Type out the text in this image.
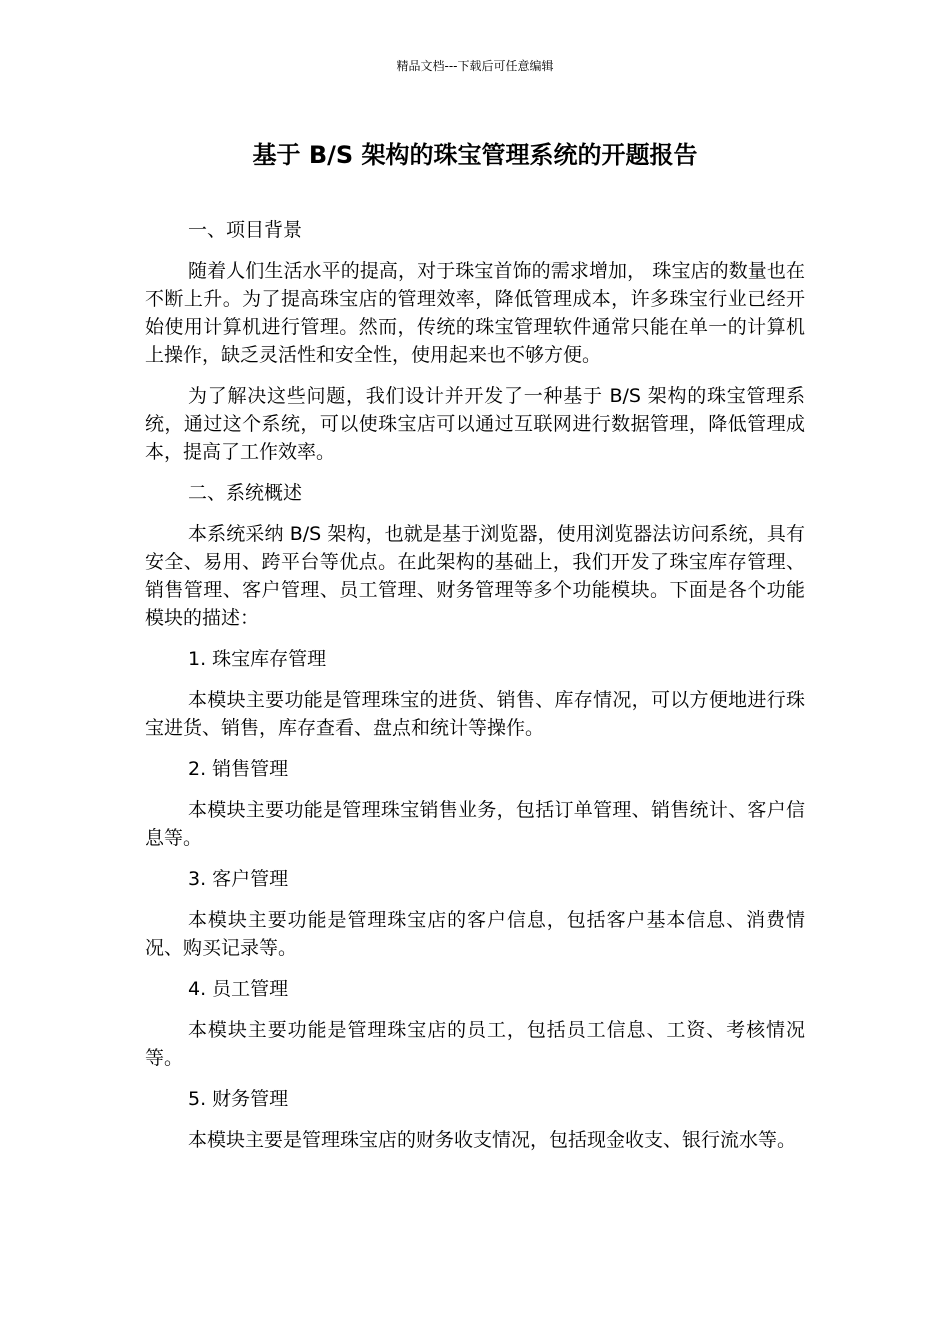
精品文档---下载后可任意编辑
基于 B/S 架构的珠宝管理系统的开题报告
一、项目背景

随着人们生活水平的提高，对于珠宝首饰的需求增加， 珠宝店的数量也在不断上升。为了提高珠宝店的管理效率，降低管理成本，许多珠宝行业已经开始使用计算机进行管理。然而，传统的珠宝管理软件通常只能在单一的计算机上操作，缺乏灵活性和安全性，使用起来也不够方便。

为了解决这些问题，我们设计并开发了一种基于 B/S 架构的珠宝管理系统，通过这个系统，可以使珠宝店可以通过互联网进行数据管理，降低管理成本，提高了工作效率。

二、系统概述

本系统采纳 B/S 架构，也就是基于浏览器，使用浏览器法访问系统，具有安全、易用、跨平台等优点。在此架构的基础上，我们开发了珠宝库存管理、销售管理、客户管理、员工管理、财务管理等多个功能模块。下面是各个功能模块的描述：

1. 珠宝库存管理

本模块主要功能是管理珠宝的进货、销售、库存情况，可以方便地进行珠宝进货、销售，库存查看、盘点和统计等操作。

2. 销售管理

本模块主要功能是管理珠宝销售业务，包括订单管理、销售统计、客户信息等。

3. 客户管理

本模块主要功能是管理珠宝店的客户信息，包括客户基本信息、消费情况、购买记录等。

4. 员工管理

本模块主要功能是管理珠宝店的员工，包括员工信息、工资、考核情况等。

5. 财务管理

本模块主要是管理珠宝店的财务收支情况，包括现金收支、银行流水等。
